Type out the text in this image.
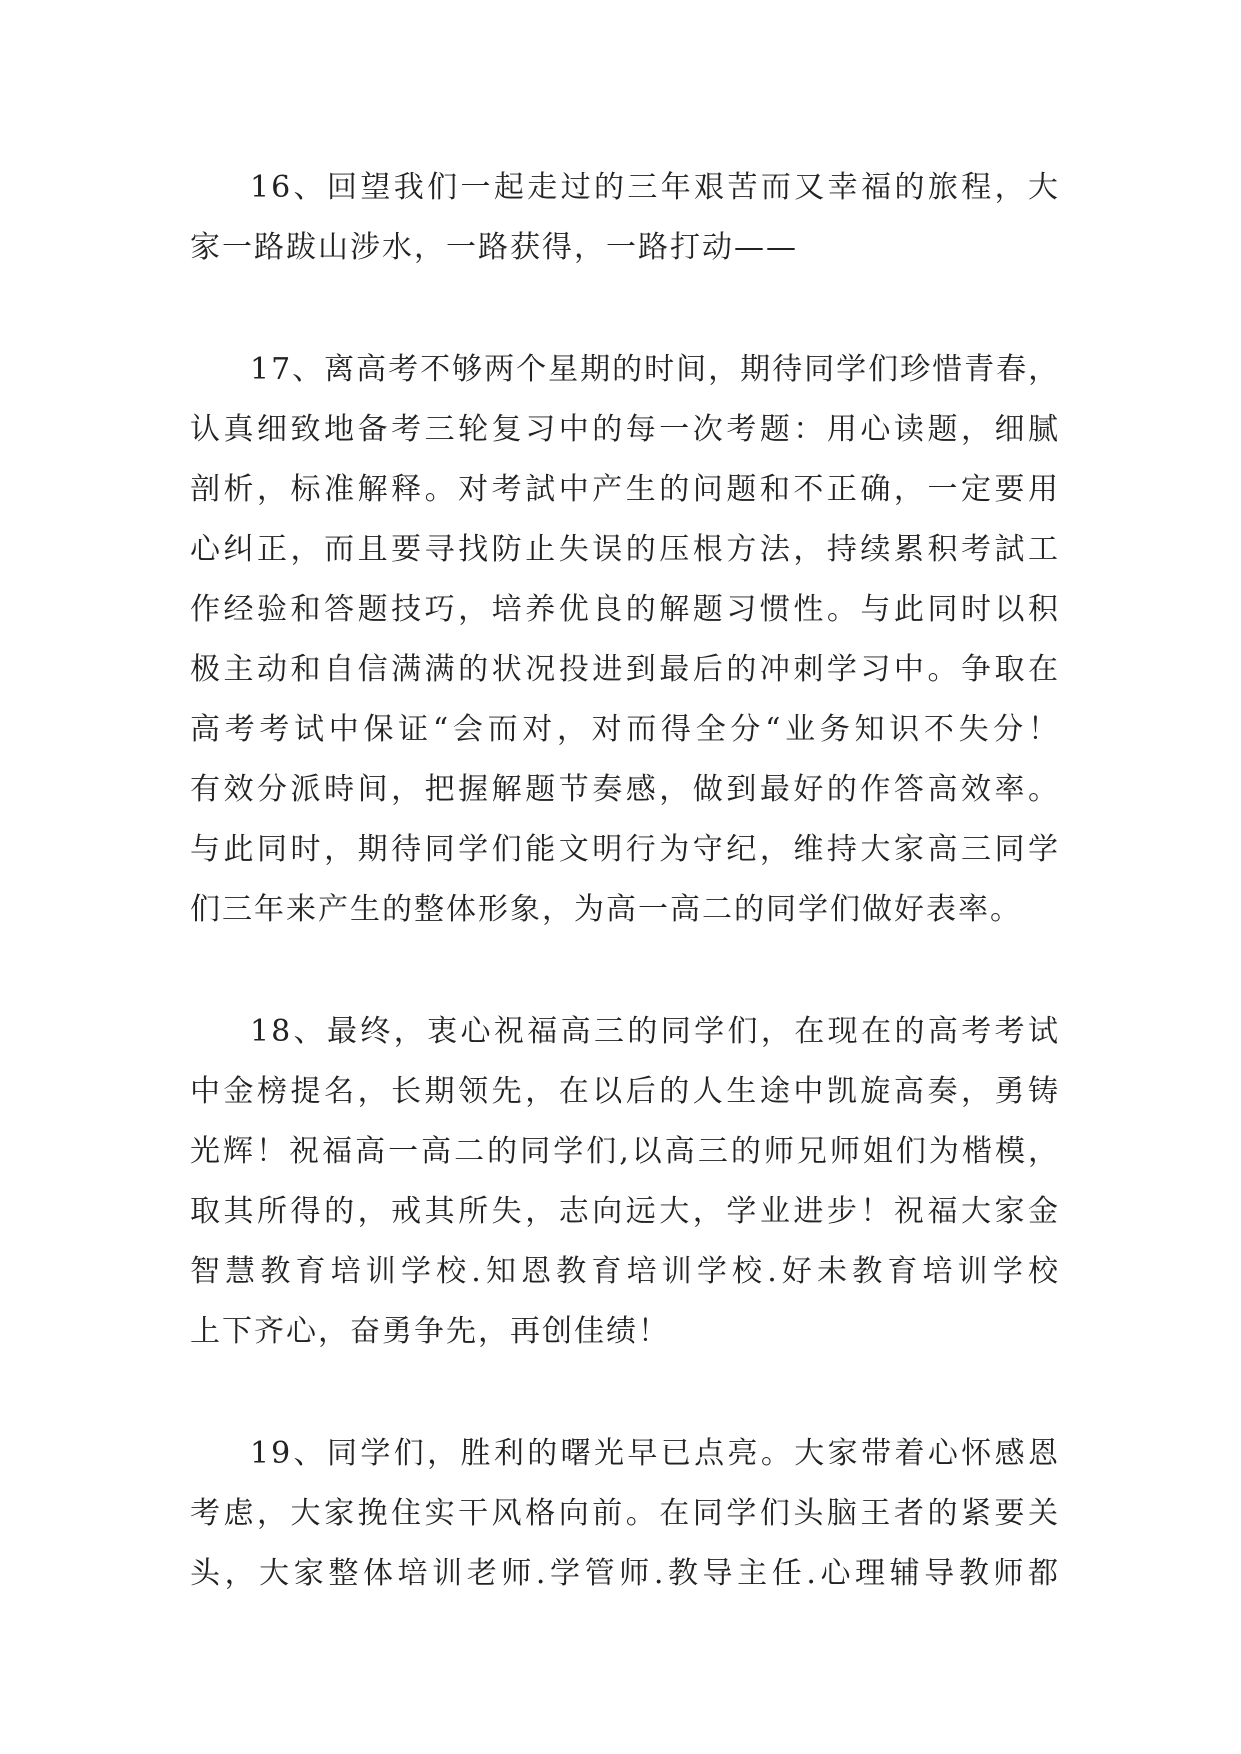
16、回望我们一起走过的三年艰苦而又幸福的旅程，大
家一路跋山涉水，一路获得，一路打动——

17、离高考不够两个星期的时间，期待同学们珍惜青春，
认真细致地备考三轮复习中的每一次考题：用心读题，细腻
剖析，标准解释。对考試中产生的问题和不正确，一定要用
心纠正，而且要寻找防止失误的压根方法，持续累积考試工
作经验和答题技巧，培养优良的解题习惯性。与此同时以积
极主动和自信满满的状况投进到最后的冲刺学习中。争取在
高考考试中保证“会而对，对而得全分“业务知识不失分！
有效分派時间，把握解题节奏感，做到最好的作答高效率。
与此同时，期待同学们能文明行为守纪，维持大家高三同学
们三年来产生的整体形象，为高一高二的同学们做好表率。

18、最终，衷心祝福高三的同学们，在现在的高考考试
中金榜提名，长期领先，在以后的人生途中凯旋高奏，勇铸
光辉！祝福高一高二的同学们,以高三的师兄师姐们为楷模，
取其所得的，戒其所失，志向远大，学业进步！祝福大家金
智慧教育培训学校.知恩教育培训学校.好未教育培训学校
上下齐心，奋勇争先，再创佳绩！

19、同学们，胜利的曙光早已点亮。大家带着心怀感恩
考虑，大家挽住实干风格向前。在同学们头脑王者的紧要关
头，大家整体培训老师.学管师.教导主任.心理辅导教师都
